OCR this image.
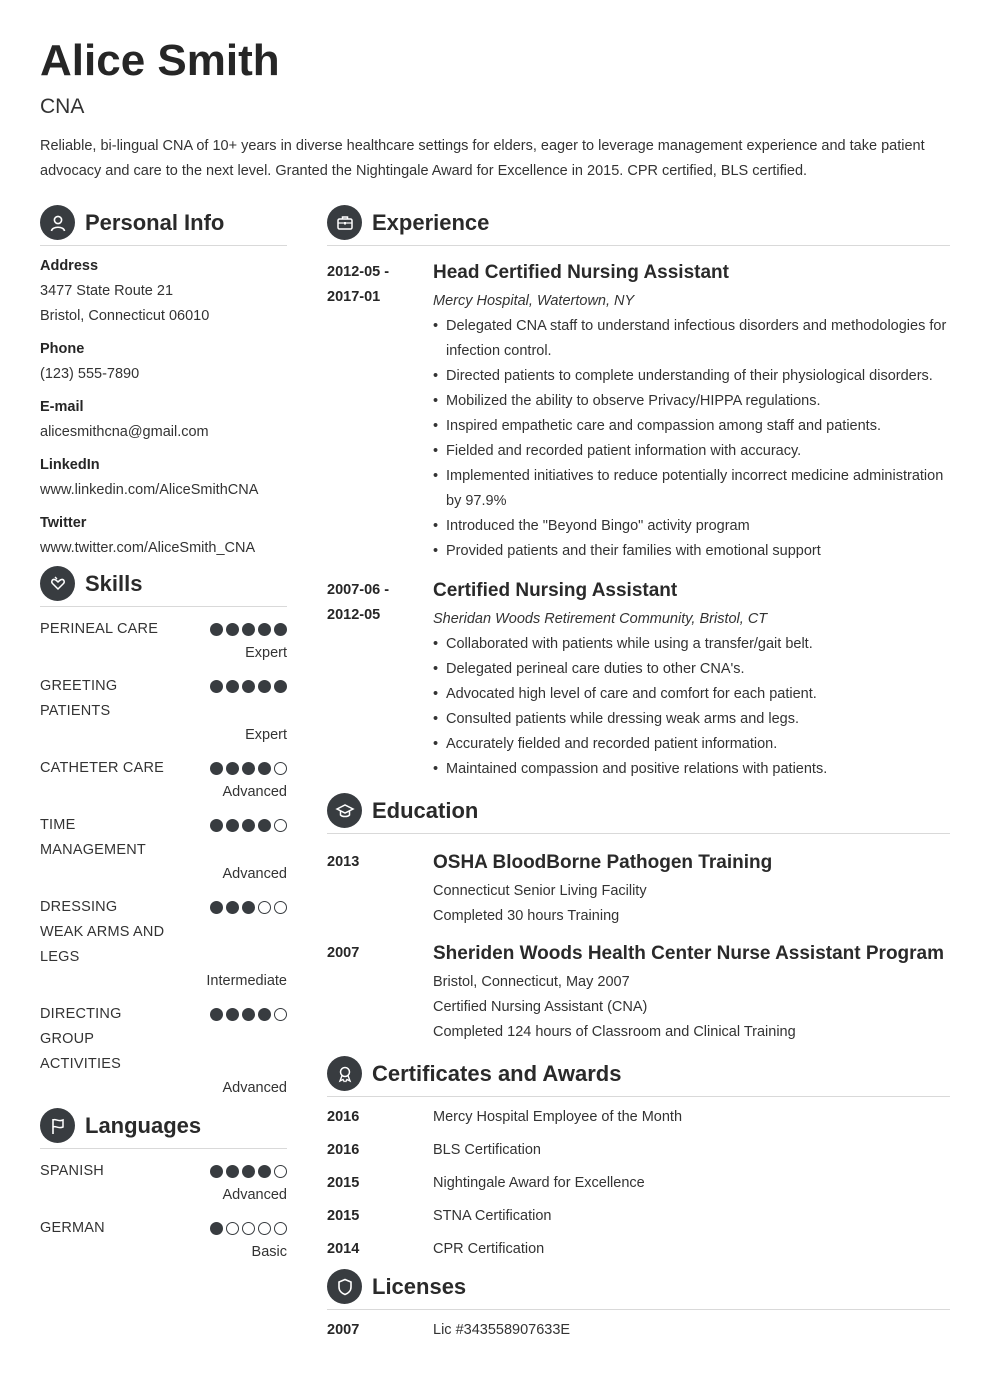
Alice Smith
CNA
Reliable, bi-lingual CNA of 10+ years in diverse healthcare settings for elders, eager to leverage management experience and take patient advocacy and care to the next level. Granted the Nightingale Award for Excellence in 2015. CPR certified, BLS certified.
Personal Info
Address
3477 State Route 21
Bristol, Connecticut 06010
Phone
(123) 555-7890
E-mail
alicesmithcna@gmail.com
LinkedIn
www.linkedin.com/AliceSmithCNA
Twitter
www.twitter.com/AliceSmith_CNA
Skills
PERINEAL CARE
Expert
GREETING PATIENTS
Expert
CATHETER CARE
Advanced
TIME MANAGEMENT
Advanced
DRESSING WEAK ARMS AND LEGS
Intermediate
DIRECTING GROUP ACTIVITIES
Advanced
Languages
SPANISH
Advanced
GERMAN
Basic
Experience
2012-05 -
2017-01
Head Certified Nursing Assistant
Mercy Hospital, Watertown, NY
• Delegated CNA staff to understand infectious disorders and methodologies for infection control.
• Directed patients to complete understanding of their physiological disorders.
• Mobilized the ability to observe Privacy/HIPPA regulations.
• Inspired empathetic care and compassion among staff and patients.
• Fielded and recorded patient information with accuracy.
• Implemented initiatives to reduce potentially incorrect medicine administration by 97.9%
• Introduced the "Beyond Bingo" activity program
• Provided patients and their families with emotional support
2007-06 -
2012-05
Certified Nursing Assistant
Sheridan Woods Retirement Community, Bristol, CT
• Collaborated with patients while using a transfer/gait belt.
• Delegated perineal care duties to other CNA's.
• Advocated high level of care and comfort for each patient.
• Consulted patients while dressing weak arms and legs.
• Accurately fielded and recorded patient information.
• Maintained compassion and positive relations with patients.
Education
2013	OSHA BloodBorne Pathogen Training
Connecticut Senior Living Facility
Completed 30 hours Training
2007	Sheriden Woods Health Center Nurse Assistant Program
Bristol, Connecticut, May 2007
Certified Nursing Assistant (CNA)
Completed 124 hours of Classroom and Clinical Training
Certificates and Awards
2016	Mercy Hospital Employee of the Month
2016	BLS Certification
2015	Nightingale Award for Excellence
2015	STNA Certification
2014	CPR Certification
Licenses
2007	Lic #343558907633E
